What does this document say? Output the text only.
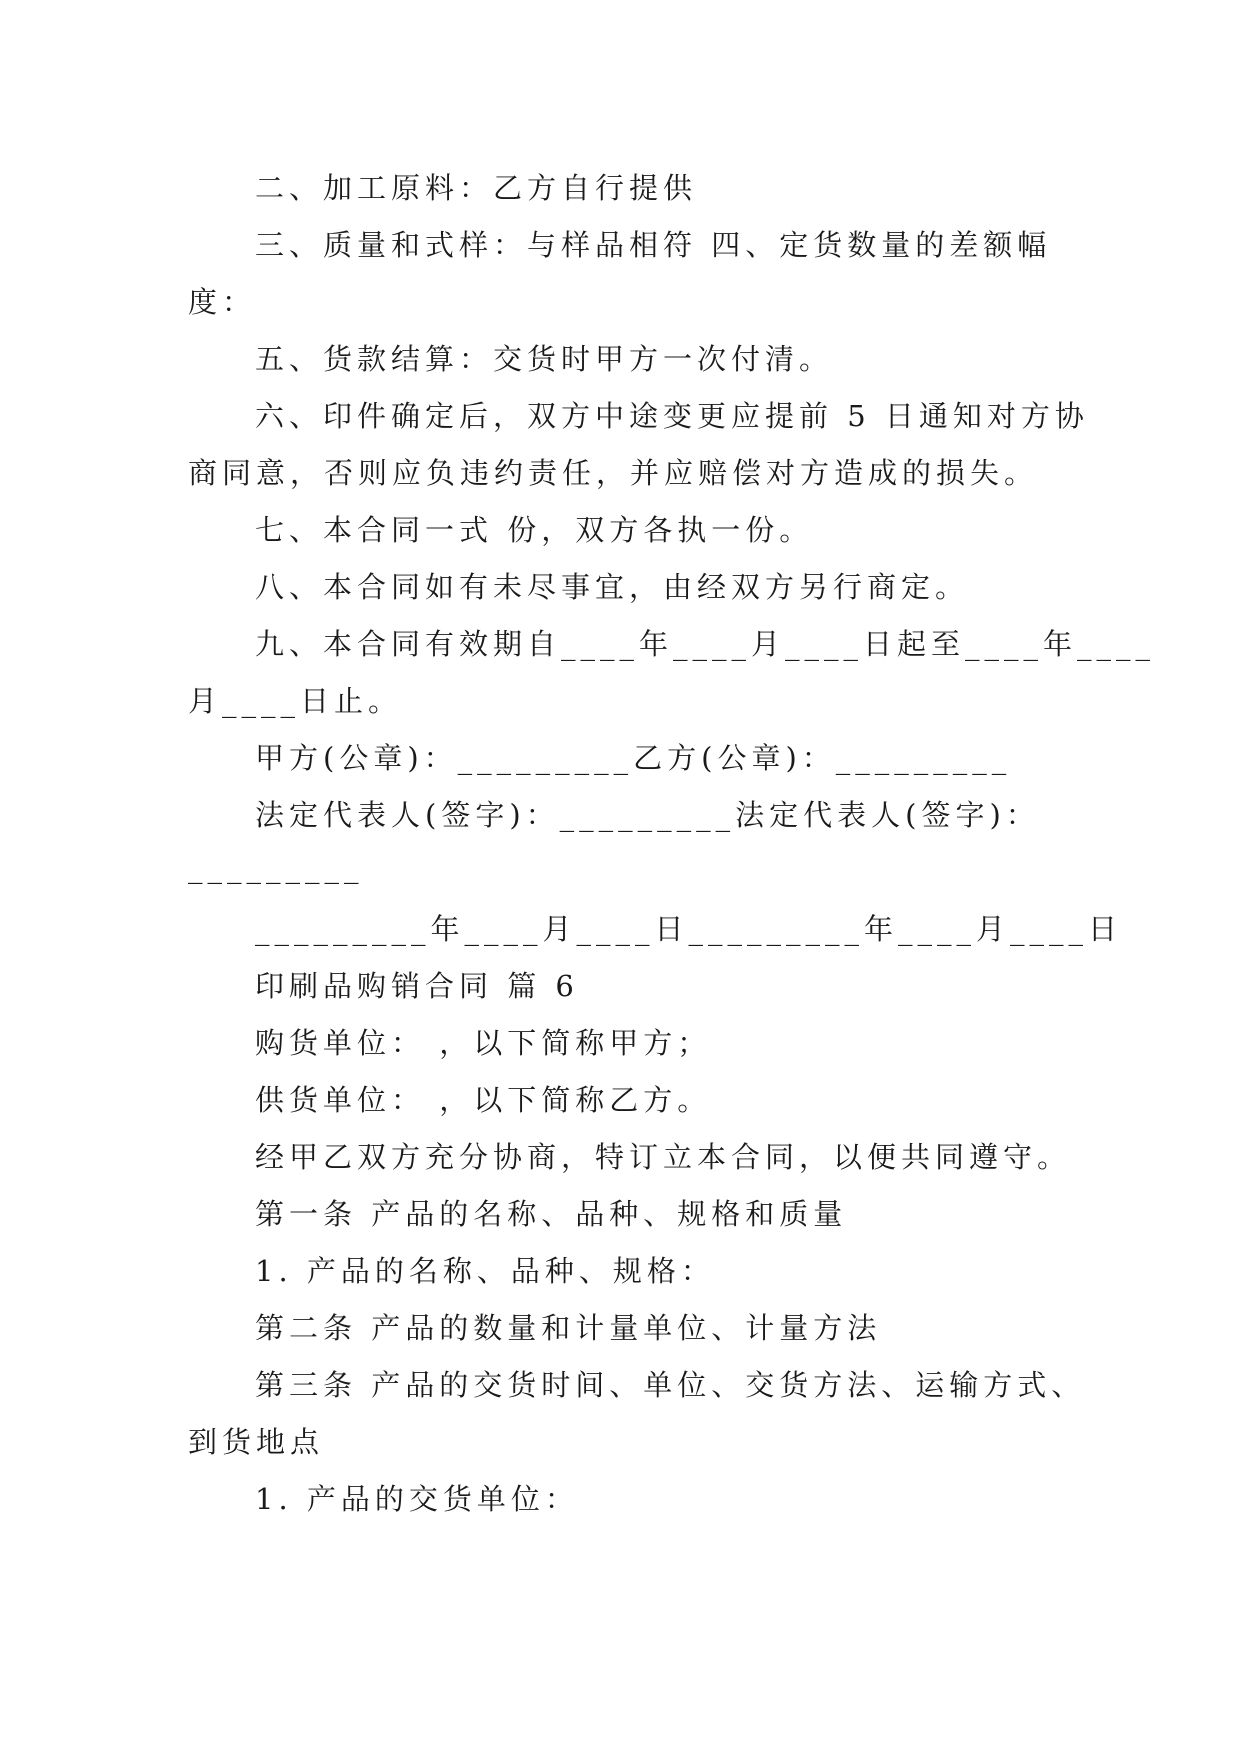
二、加工原料：乙方自行提供
三、质量和式样：与样品相符 四、定货数量的差额幅
度：
五、货款结算：交货时甲方一次付清。
六、印件确定后，双方中途变更应提前 5 日通知对方协
商同意，否则应负违约责任，并应赔偿对方造成的损失。
七、本合同一式 份，双方各执一份。
八、本合同如有未尽事宜，由经双方另行商定。
九、本合同有效期自____年____月____日起至____年____
月____日止。
甲方(公章)：_________乙方(公章)：_________
法定代表人(签字)：_________法定代表人(签字)：
_________
_________年____月____日_________年____月____日
印刷品购销合同 篇 6
购货单位： ，以下简称甲方；
供货单位： ，以下简称乙方。
经甲乙双方充分协商，特订立本合同，以便共同遵守。
第一条 产品的名称、品种、规格和质量
1. 产品的名称、品种、规格：
第二条 产品的数量和计量单位、计量方法
第三条 产品的交货时间、单位、交货方法、运输方式、
到货地点
1. 产品的交货单位：
